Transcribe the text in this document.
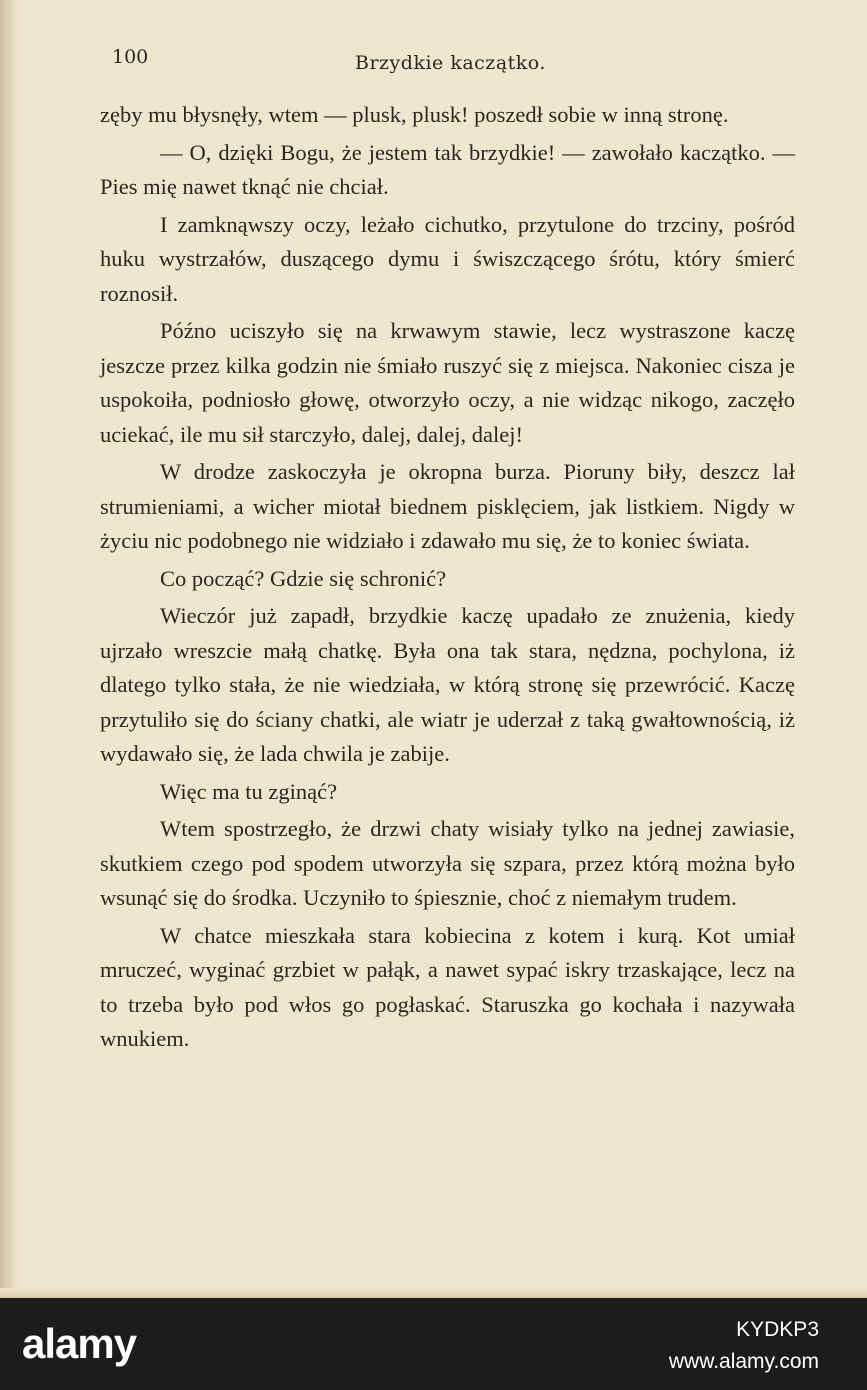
100	Brzydkie kaczątko.

zęby mu błysnęły, wtem — plusk, plusk! poszedł sobie w inną stronę.

— O, dzięki Bogu, że jestem tak brzydkie! — zawołało kaczątko. — Pies mię nawet tknąć nie chciał.

I zamknąwszy oczy, leżało cichutko, przytulone do trzciny, pośród huku wystrzałów, duszącego dymu i świszczącego śrótu, który śmierć roznosił.

Późno uciszyło się na krwawym stawie, lecz wystraszone kaczę jeszcze przez kilka godzin nie śmiało ruszyć się z miejsca. Nakoniec cisza je uspokoiła, podniosło głowę, otworzyło oczy, a nie widząc nikogo, zaczęło uciekać, ile mu sił starczyło, dalej, dalej, dalej!

W drodze zaskoczyła je okropna burza. Pioruny biły, deszcz lał strumieniami, a wicher miotał biednem pisklęciem, jak listkiem. Nigdy w życiu nic podobnego nie widziało i zdawało mu się, że to koniec świata.

Co począć? Gdzie się schronić?

Wieczór już zapadł, brzydkie kaczę upadało ze znużenia, kiedy ujrzało wreszcie małą chatkę. Była ona tak stara, nędzna, pochylona, iż dlatego tylko stała, że nie wiedziała, w którą stronę się przewrócić. Kaczę przytuliło się do ściany chatki, ale wiatr je uderzał z taką gwałtownością, iż wydawało się, że lada chwila je zabije.

Więc ma tu zginąć?

Wtem spostrzegło, że drzwi chaty wisiały tylko na jednej zawiasie, skutkiem czego pod spodem utworzyła się szpara, przez którą można było wsunąć się do środka. Uczyniło to śpiesznie, choć z niemałym trudem.

W chatce mieszkała stara kobiecina z kotem i kurą. Kot umiał mruczeć, wyginać grzbiet w pałąk, a nawet sypać iskry trzaskające, lecz na to trzeba było pod włos go pogłaskać. Staruszka go kochała i nazywała wnukiem.

alamy	KYDKP3
www.alamy.com
